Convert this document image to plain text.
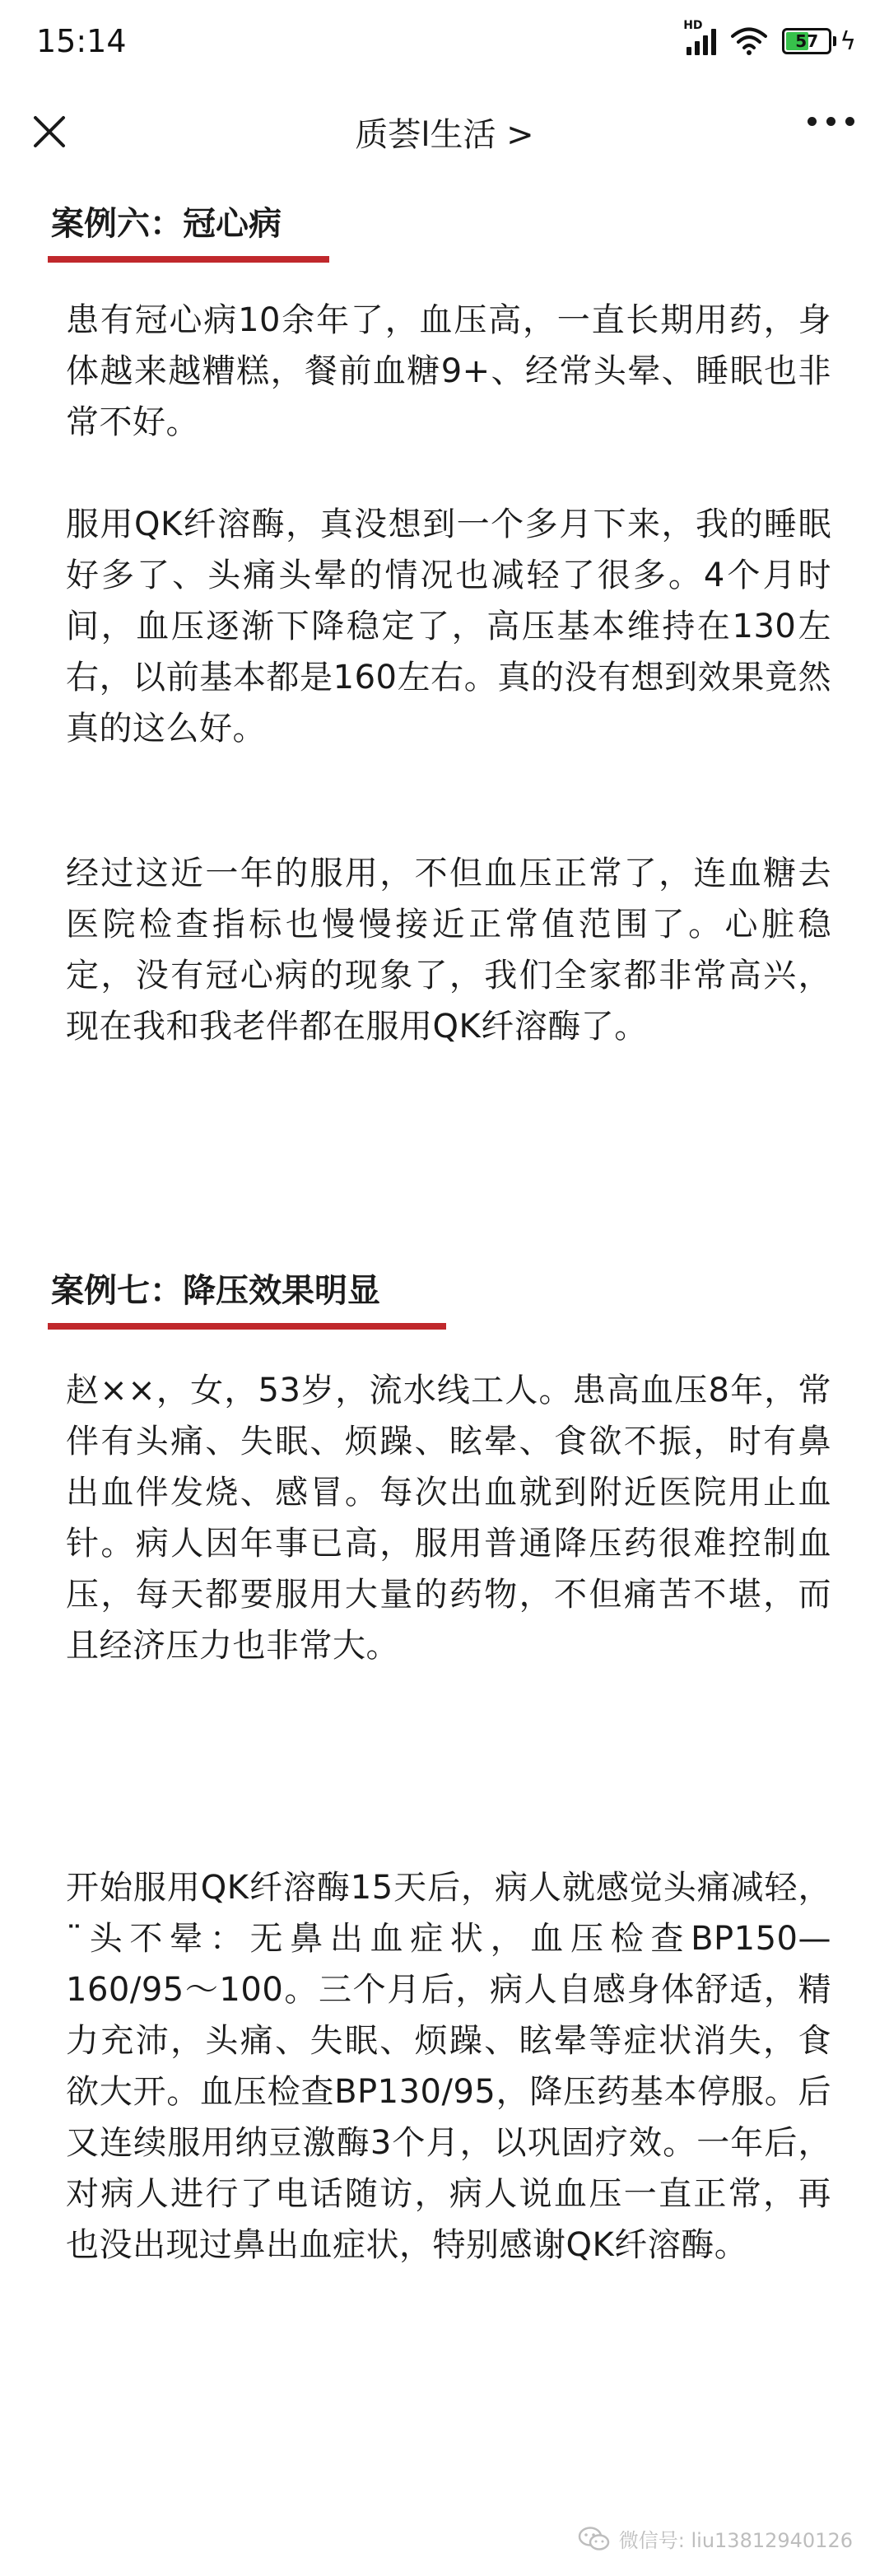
15:14	HD
57 ϟ
质荟l生活 >
案例六：冠心病
患有冠心病10余年了，血压高，一直长期用药，身体越来越糟糕，餐前血糖9+、经常头晕、睡眠也非常不好。
服用QK纤溶酶，真没想到一个多月下来，我的睡眠好多了、头痛头晕的情况也减轻了很多。4个月时间，血压逐渐下降稳定了，高压基本维持在130左右，以前基本都是160左右。真的没有想到效果竟然真的这么好。
经过这近一年的服用，不但血压正常了，连血糖去医院检查指标也慢慢接近正常值范围了。心脏稳定，没有冠心病的现象了，我们全家都非常高兴，现在我和我老伴都在服用QK纤溶酶了。
案例七：降压效果明显
赵××，女，53岁，流水线工人。患高血压8年，常伴有头痛、失眠、烦躁、眩晕、食欲不振，时有鼻出血伴发烧、感冒。每次出血就到附近医院用止血针。病人因年事已高，服用普通降压药很难控制血压，每天都要服用大量的药物，不但痛苦不堪，而且经济压力也非常大。
开始服用QK纤溶酶15天后，病人就感觉头痛减轻，¨头不晕：无鼻出血症状，血压检查BP150—160/95～100。三个月后，病人自感身体舒适，精力充沛，头痛、失眠、烦躁、眩晕等症状消失，食欲大开。血压检查BP130/95，降压药基本停服。后又连续服用纳豆激酶3个月，以巩固疗效。一年后，对病人进行了电话随访，病人说血压一直正常，再也没出现过鼻出血症状，特别感谢QK纤溶酶。
微信号: liu13812940126
